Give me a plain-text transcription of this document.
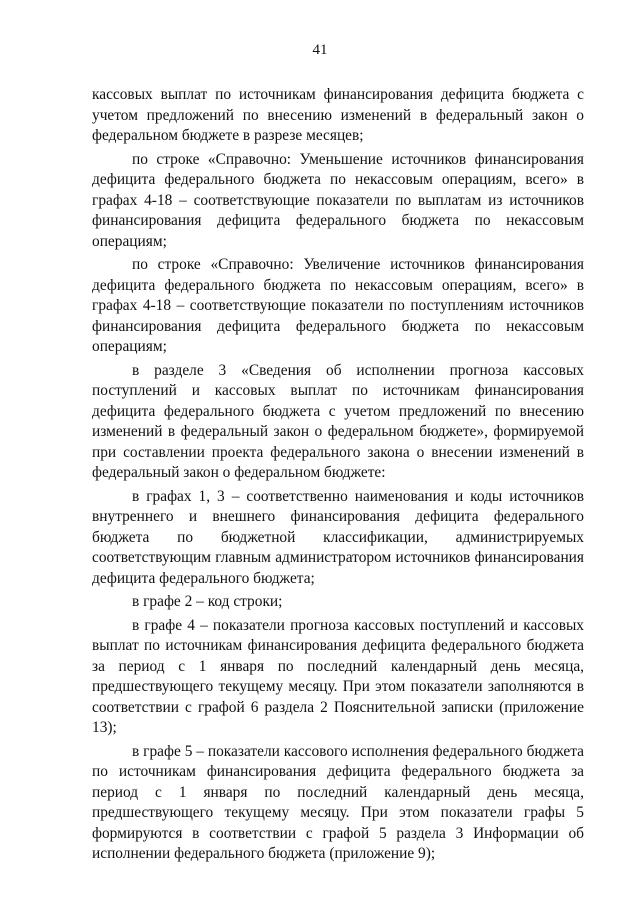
41

кассовых выплат по источникам финансирования дефицита бюджета с учетом предложений по внесению изменений в федеральный закон о федеральном бюджете в разрезе месяцев;

по строке «Справочно: Уменьшение источников финансирования дефицита федерального бюджета по некассовым операциям, всего» в графах 4-18 – соответствующие показатели по выплатам из источников финансирования дефицита федерального бюджета по некассовым операциям;

по строке «Справочно: Увеличение источников финансирования дефицита федерального бюджета по некассовым операциям, всего» в графах 4-18 – соответствующие показатели по поступлениям источников финансирования дефицита федерального бюджета по некассовым операциям;

в разделе 3 «Сведения об исполнении прогноза кассовых поступлений и кассовых выплат по источникам финансирования дефицита федерального бюджета с учетом предложений по внесению изменений в федеральный закон о федеральном бюджете», формируемой при составлении проекта федерального закона о внесении изменений в федеральный закон о федеральном бюджете:

в графах 1, 3 – соответственно наименования и коды источников внутреннего и внешнего финансирования дефицита федерального бюджета по бюджетной классификации, администрируемых соответствующим главным администратором источников финансирования дефицита федерального бюджета;

в графе 2 – код строки;

в графе 4 – показатели прогноза кассовых поступлений и кассовых выплат по источникам финансирования дефицита федерального бюджета за период с 1 января по последний календарный день месяца, предшествующего текущему месяцу. При этом показатели заполняются в соответствии с графой 6 раздела 2 Пояснительной записки (приложение 13);

в графе 5 – показатели кассового исполнения федерального бюджета по источникам финансирования дефицита федерального бюджета за период с 1 января по последний календарный день месяца, предшествующего текущему месяцу. При этом показатели графы 5 формируются в соответствии с графой 5 раздела 3 Информации об исполнении федерального бюджета (приложение 9);
